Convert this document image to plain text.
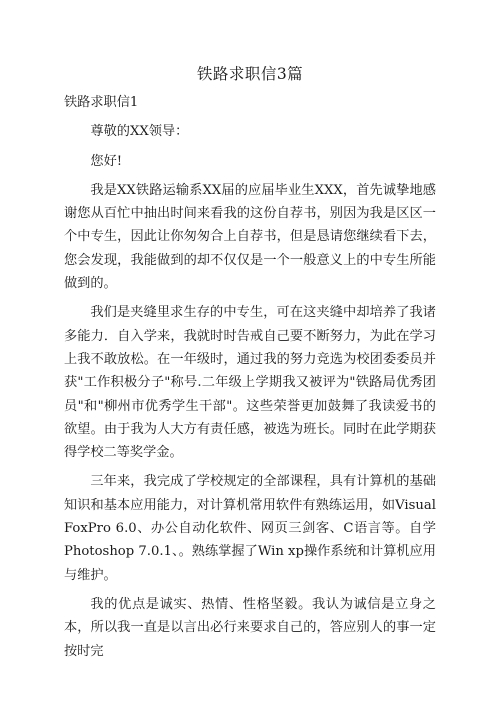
铁路求职信3篇

铁路求职信1

尊敬的XX领导：

您好!

我是XX铁路运输系XX届的应届毕业生XXX，首先诚挚地感谢您从百忙中抽出时间来看我的这份自荐书，别因为我是区区一个中专生，因此让你匆匆合上自荐书，但是恳请您继续看下去，您会发现，我能做到的却不仅仅是一个一般意义上的中专生所能做到的。

我们是夹缝里求生存的中专生，可在这夹缝中却培养了我诸多能力．自入学来，我就时时告戒自己要不断努力，为此在学习上我不敢放松。在一年级时，通过我的努力竞选为校团委委员并获"工作积极分子"称号.二年级上学期我又被评为"铁路局优秀团员"和"柳州市优秀学生干部"。这些荣誉更加鼓舞了我读爱书的欲望。由于我为人大方有责任感，被选为班长。同时在此学期获得学校二等奖学金。

三年来，我完成了学校规定的全部课程，具有计算机的基础知识和基本应用能力，对计算机常用软件有熟练运用，如Visual FoxPro 6.0、办公自动化软件、网页三剑客、C语言等。自学Photoshop 7.0.1、。熟练掌握了Win xp操作系统和计算机应用与维护。

我的优点是诚实、热情、性格坚毅。我认为诚信是立身之本，所以我一直是以言出必行来要求自己的，答应别人的事一定按时完
